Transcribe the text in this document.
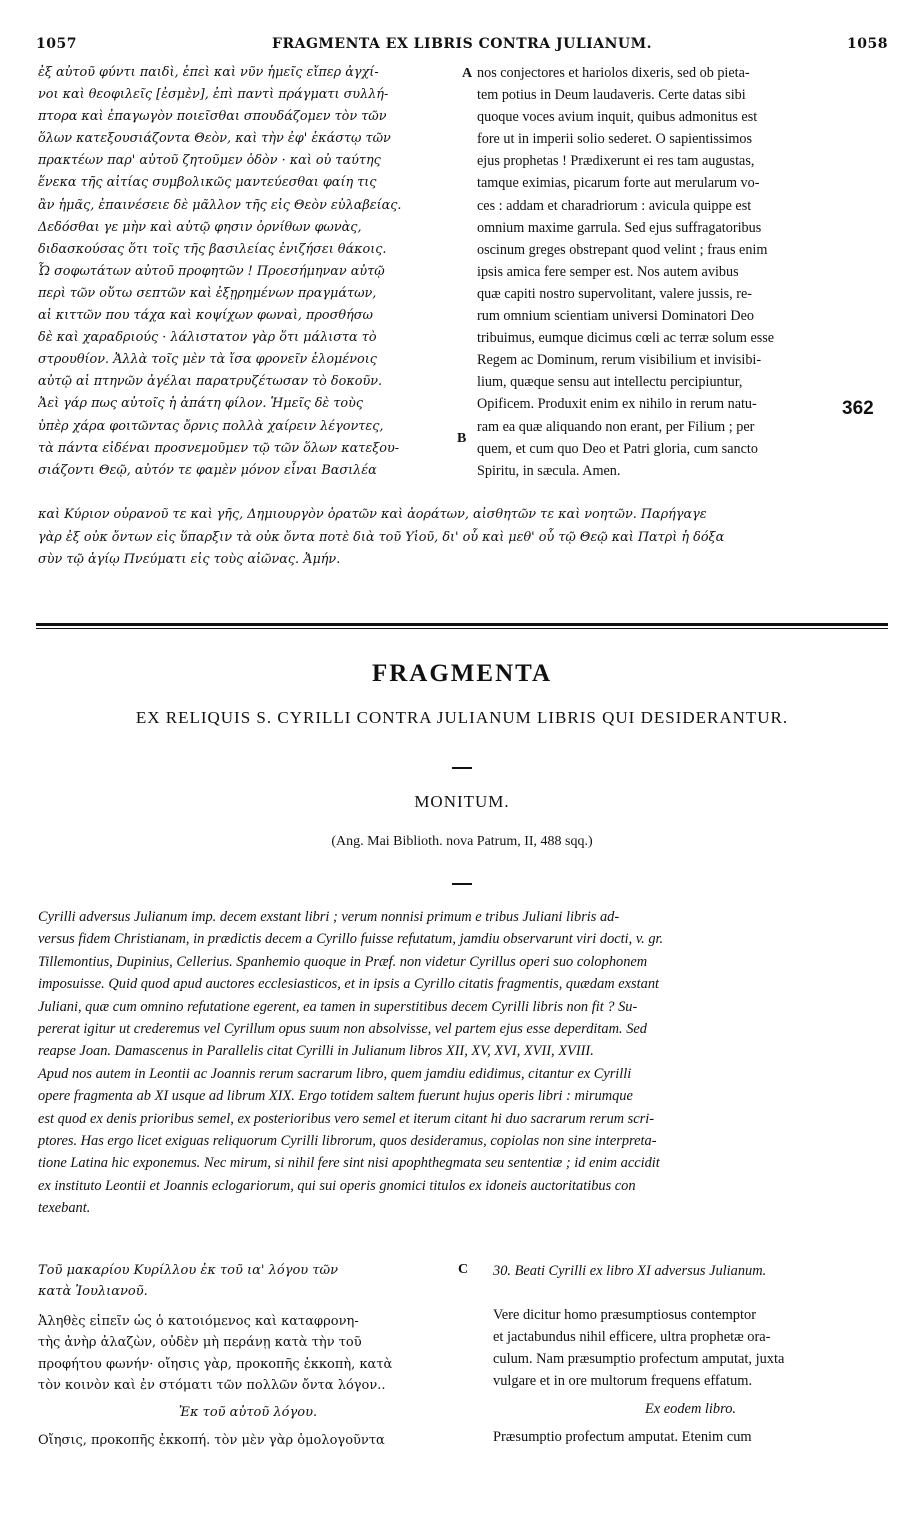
1057	FRAGMENTA EX LIBRIS CONTRA JULIANUM.	1058
ἐξ αὐτοῦ φύντι παιδὶ, ἐπεὶ καὶ νῦν ἡμεῖς εἴπερ ἀγχί-
νοι καὶ θεοφιλεῖς [ἐσμὲν], ἐπὶ παντὶ πράγματι συλλή-
πτορα καὶ ἐπαγωγὸν ποιεῖσθαι σπουδάζομεν τὸν τῶν
ὅλων κατεξουσιάζοντα Θεὸν, καὶ τὴν ἐφ' ἑκάστῳ τῶν
πρακτέων παρ' αὐτοῦ ζητοῦμεν ὁδὸν · καὶ οὐ ταύτης
ἕνεκα τῆς αἰτίας συμβολικῶς μαντεύεσθαι φαίη τις
ἂν ἡμᾶς, ἐπαινέσειε δὲ μᾶλλον τῆς εἰς Θεὸν εὐλαβείας.
Δεδόσθαι γε μὴν καὶ αὐτῷ φησιν ὀρνίθων φωνὰς,
διδασκούσας ὅτι τοῖς τῆς βασιλείας ἐνιζήσει θάκοις.
Ὦ σοφωτάτων αὐτοῦ προφητῶν ! Προεσήμηναν αὐτῷ
περὶ τῶν οὕτω σεπτῶν καὶ ἐξῃρημένων πραγμάτων,
αἱ κιττῶν που τάχα καὶ κοψίχων φωναὶ, προσθήσω
δὲ καὶ χαραδριούς · λάλιστατον γὰρ ὅτι μάλιστα τὸ
στρουθίον. Ἀλλὰ τοῖς μὲν τὰ ἴσα φρονεῖν ἑλομένοις
αὐτῷ αἱ πτηνῶν ἀγέλαι παρατρυζέτωσαν τὸ δοκοῦν.
Ἀεὶ γάρ πως αὐτοῖς ἡ ἀπάτη φίλον. Ἡμεῖς δὲ τοὺς
ὑπὲρ χάρα φοιτῶντας ὄρνις πολλὰ χαίρειν λέγοντες,
τὰ πάντα εἰδέναι προσνεμοῦμεν τῷ τῶν ὅλων κατεξου-
σιάζοντι Θεῷ, αὐτόν τε φαμὲν μόνον εἶναι Βασιλέα
nos conjectores et hariolos dixeris, sed ob pieta-
tem potius in Deum laudaveris. Certe datas sibi
quoque voces avium inquit, quibus admonitus est
fore ut in imperii solio sederet. O sapientissimos
ejus prophetas ! Prædixerunt ei res tam augustas,
tamque eximias, picarum forte aut merularum vo-
ces : addam et charadriorum : avicula quippe est
omnium maxime garrula. Sed ejus suffragatoribus
oscinum greges obstrepant quod velint ; fraus enim
ipsis amica fere semper est. Nos autem avibus
quæ capiti nostro supervolitant, valere jussis, re-
rum omnium scientiam universi Dominatori Deo
tribuimus, eumque dicimus cœli ac terræ solum esse
Regem ac Dominum, rerum visibilium et invisibi-
lium, quæque sensu aut intellectu percipiuntur,
Opificem. Produxit enim ex nihilo in rerum natu-
ram ea quæ aliquando non erant, per Filium ; per
quem, et cum quo Deo et Patri gloria, cum sancto
Spiritu, in sæcula. Amen.
A
B
362
καὶ Κύριον οὐρανοῦ τε καὶ γῆς, Δημιουργὸν ὁρατῶν καὶ ἀοράτων, αἰσθητῶν τε καὶ νοητῶν. Παρήγαγε
γὰρ ἐξ οὐκ ὄντων εἰς ὕπαρξιν τὰ οὐκ ὄντα ποτὲ διὰ τοῦ Υἱοῦ, δι' οὗ καὶ μεθ' οὗ τῷ Θεῷ καὶ Πατρὶ ἡ δόξα
σὺν τῷ ἁγίῳ Πνεύματι εἰς τοὺς αἰῶνας. Ἀμήν.
FRAGMENTA
EX RELIQUIS S. CYRILLI CONTRA JULIANUM LIBRIS QUI DESIDERANTUR.
MONITUM.
(Ang. Mai Biblioth. nova Patrum, II, 488 sqq.)
Cyrilli adversus Julianum imp. decem exstant libri ; verum nonnisi primum e tribus Juliani libris ad-
versus fidem Christianam, in prædictis decem a Cyrillo fuisse refutatum, jamdiu observarunt viri docti, v. gr.
Tillemontius, Dupinius, Cellerius. Spanhemio quoque in Præf. non videtur Cyrillus operi suo colophonem
imposuisse. Quid quod apud auctores ecclesiasticos, et in ipsis a Cyrillo citatis fragmentis, quædam exstant
Juliani, quæ cum omnino refutatione egerent, ea tamen in superstitibus decem Cyrilli libris non fit ? Su-
pererat igitur ut crederemus vel Cyrillum opus suum non absolvisse, vel partem ejus esse deperditam. Sed
reapse Joan. Damascenus in Parallelis citat Cyrilli in Julianum libros XII, XV, XVI, XVII, XVIII.
Apud nos autem in Leontii ac Joannis rerum sacrarum libro, quem jamdiu edidimus, citantur ex Cyrilli
opere fragmenta ab XI usque ad librum XIX. Ergo totidem saltem fuerunt hujus operis libri : mirumque
est quod ex denis prioribus semel, ex posterioribus vero semel et iterum citant hi duo sacrarum rerum scri-
ptores. Has ergo licet exiguas reliquorum Cyrilli librorum, quos desideramus, copiolas non sine interpreta-
tione Latina hic exponemus. Nec mirum, si nihil fere sint nisi apophthegmata seu sententiæ ; id enim accidit
ex instituto Leontii et Joannis eclogariorum, qui sui operis gnomici titulos ex idoneis auctoritatibus con
texebant.
Τοῦ μακαρίου Κυρίλλου ἐκ τοῦ ια' λόγου τῶν
κατὰ Ἰουλιανοῦ.
Ἀληθὲς εἰπεῖν ὡς ὁ κατοιόμενος καὶ καταφρονη-
τὴς ἀνὴρ ἀλαζὼν, οὐδὲν μὴ περάνῃ κατὰ τὴν τοῦ
προφήτου φωνήν· οἴησις γὰρ, προκοπῆς ἐκκοπὴ, κατὰ
τὸν κοινὸν καὶ ἐν στόματι τῶν πολλῶν ὄντα λόγον..
Ἐκ τοῦ αὐτοῦ λόγου.
Οἴησις, προκοπῆς ἐκκοπή. τὸν μὲν γὰρ ὁμολογοῦντα
C 30. Beati Cyrilli ex libro XI adversus Julianum.
Vere dicitur homo præsumptiosus contemptor
et jactabundus nihil efficere, ultra prophetæ ora-
culum. Nam præsumptio profectum amputat, juxta
vulgare et in ore multorum frequens effatum.
Ex eodem libro.
Præsumptio profectum amputat. Etenim cum
